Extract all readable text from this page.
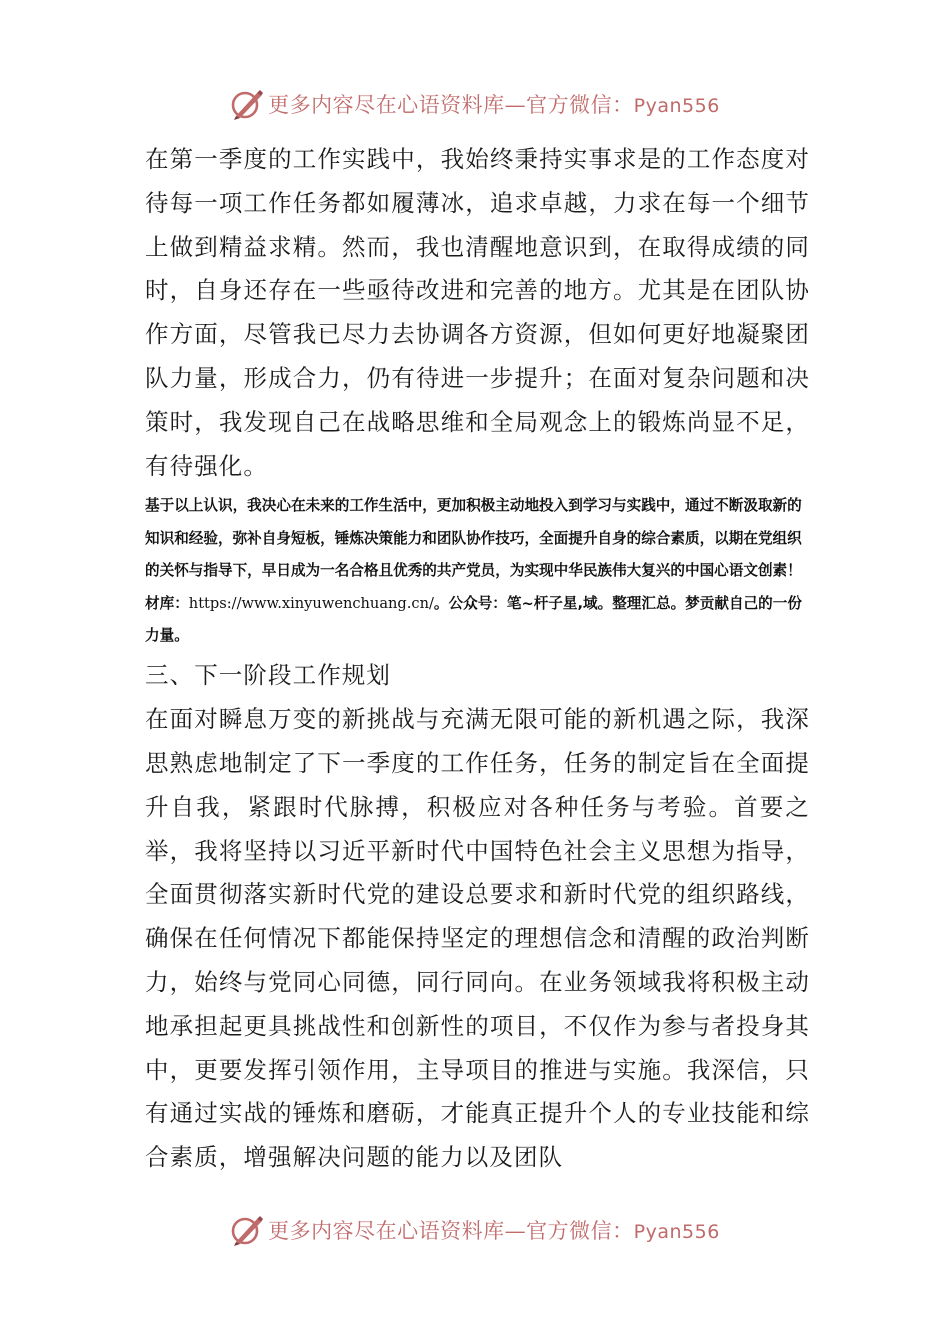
更多内容尽在心语资料库—官方微信：Pyan556

在第一季度的工作实践中，我始终秉持实事求是的工作态度对待每一项工作任务都如履薄冰，追求卓越，力求在每一个细节上做到精益求精。然而，我也清醒地意识到，在取得成绩的同时，自身还存在一些亟待改进和完善的地方。尤其是在团队协作方面，尽管我已尽力去协调各方资源，但如何更好地凝聚团队力量，形成合力，仍有待进一步提升；在面对复杂问题和决策时，我发现自己在战略思维和全局观念上的锻炼尚显不足，有待强化。

基于以上认识，我决心在未来的工作生活中，更加积极主动地投入到学习与实践中，通过不断汲取新的知识和经验，弥补自身短板，锤炼决策能力和团队协作技巧，全面提升自身的综合素质，以期在党组织的关怀与指导下，早日成为一名合格且优秀的共产党员，为实现中华民族伟大复兴的中国心语文创素！材库：https://www.xinyuwenchuang.cn/。公众号：笔~杆子星,域。整理汇总。梦贡献自己的一份力量。

三、下一阶段工作规划

在面对瞬息万变的新挑战与充满无限可能的新机遇之际，我深思熟虑地制定了下一季度的工作任务，任务的制定旨在全面提升自我，紧跟时代脉搏，积极应对各种任务与考验。首要之举，我将坚持以习近平新时代中国特色社会主义思想为指导，全面贯彻落实新时代党的建设总要求和新时代党的组织路线，确保在任何情况下都能保持坚定的理想信念和清醒的政治判断力，始终与党同心同德，同行同向。在业务领域我将积极主动地承担起更具挑战性和创新性的项目，不仅作为参与者投身其中，更要发挥引领作用，主导项目的推进与实施。我深信，只有通过实战的锤炼和磨砺，才能真正提升个人的专业技能和综合素质，增强解决问题的能力以及团队

更多内容尽在心语资料库—官方微信：Pyan556
